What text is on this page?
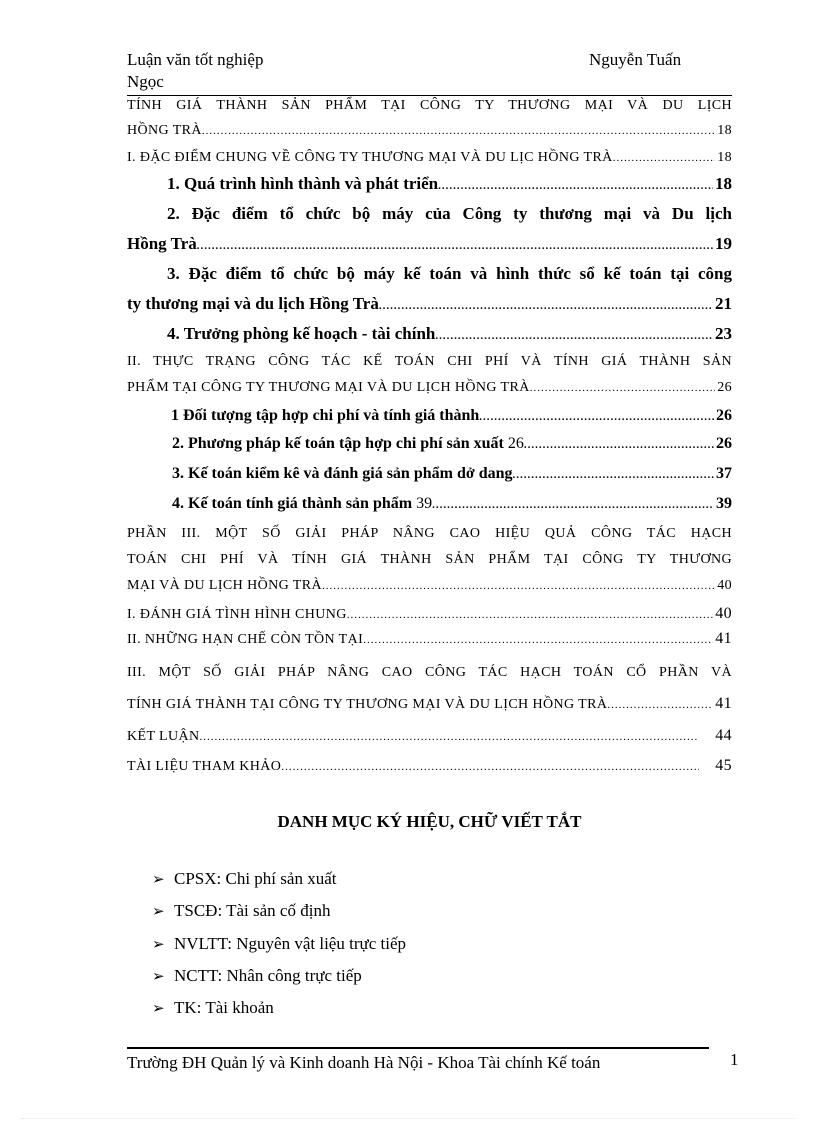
Luận văn tốt nghiệp	Nguyễn Tuấn
Ngọc
TÍNH GIÁ THÀNH SẢN PHẨM TẠI CÔNG TY THƯƠNG MẠI VÀ DU LỊCH
HỒNG TRÀ .....	18
I. ĐẶC ĐIỂM CHUNG VỀ CÔNG TY THƯƠNG MẠI VÀ DU LỊC HỒNG TRÀ .....	18
1. Quá trình hình thành và phát triển .....	18
2. Đặc điểm tổ chức bộ máy của Công ty thương mại và Du lịch
Hồng Trà .....	19
3. Đặc điểm tổ chức bộ máy kế toán và hình thức sổ kế toán tại công
ty thương mại và du lịch Hồng Trà .....	21
4. Trưởng phòng kế hoạch - tài chính .....	23
II. THỰC TRẠNG CÔNG TÁC KẾ TOÁN CHI PHÍ VÀ TÍNH GIÁ THÀNH SẢN
PHẨM TẠI CÔNG TY THƯƠNG MẠI VÀ DU LỊCH HỒNG TRÀ .....	26
1 Đối tượng tập hợp chi phí và tính giá thành .....	26
2. Phương pháp kế toán tập hợp chi phí sản xuất 26 .....	26
3. Kế toán kiểm kê và đánh giá sản phẩm dở dang .....	37
4. Kế toán tính giá thành sản phẩm 39 .....	39
PHẦN III. MỘT SỐ GIẢI PHÁP NÂNG CAO HIỆU QUẢ CÔNG TÁC HẠCH
TOÁN CHI PHÍ VÀ TÍNH GIÁ THÀNH SẢN PHẨM TẠI CÔNG TY THƯƠNG
MẠI VÀ DU LỊCH HỒNG TRÀ .....	40
I. ĐÁNH GIÁ TÌNH HÌNH CHUNG .....	40
II. NHỮNG HẠN CHẾ CÒN TỒN TẠI .....	41
III. MỘT SỐ GIẢI PHÁP NÂNG CAO CÔNG TÁC HẠCH TOÁN CỔ PHẦN VÀ
TÍNH GIÁ THÀNH TẠI CÔNG TY THƯƠNG MẠI VÀ DU LỊCH HỒNG TRÀ .....	41
KẾT LUẬN .....	44
TÀI LIỆU THAM KHẢO .....	45
DANH MỤC KÝ HIỆU, CHỮ VIẾT TẮT
➢ CPSX: Chi phí sản xuất
➢ TSCĐ: Tài sản cố định
➢ NVLTT: Nguyên vật liệu trực tiếp
➢ NCTT: Nhân công trực tiếp
➢ TK: Tài khoản
Trường ĐH Quản lý và Kinh doanh Hà Nội - Khoa Tài chính Kế toán	1
